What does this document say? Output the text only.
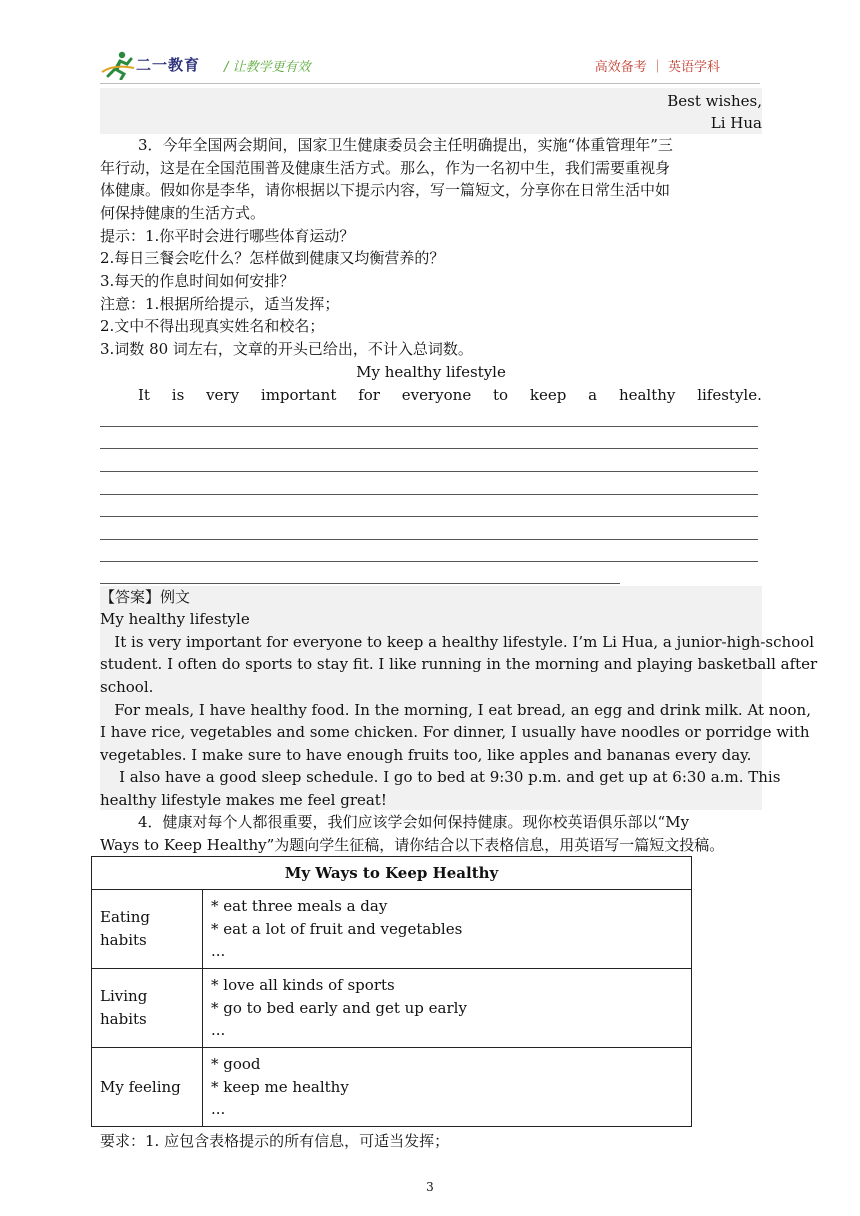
二一教育 / 让教学更有效	高效备考 ｜ 英语学科
Best wishes,
Li Hua
3．今年全国两会期间，国家卫生健康委员会主任明确提出，实施“体重管理年”三
年行动，这是在全国范围普及健康生活方式。那么，作为一名初中生，我们需要重视身
体健康。假如你是李华，请你根据以下提示内容，写一篇短文，分享你在日常生活中如
何保持健康的生活方式。
提示：1.你平时会进行哪些体育运动？
2.每日三餐会吃什么？怎样做到健康又均衡营养的？
3.每天的作息时间如何安排？
注意：1.根据所给提示，适当发挥；
2.文中不得出现真实姓名和校名；
3.词数 80 词左右，文章的开头已给出，不计入总词数。
My healthy lifestyle
It is very important for everyone to keep a healthy lifestyle.
【答案】例文
My healthy lifestyle
It is very important for everyone to keep a healthy lifestyle. I’m Li Hua, a junior-high-school
student. I often do sports to stay fit. I like running in the morning and playing basketball after
school.
For meals, I have healthy food. In the morning, I eat bread, an egg and drink milk. At noon,
I have rice, vegetables and some chicken. For dinner, I usually have noodles or porridge with
vegetables. I make sure to have enough fruits too, like apples and bananas every day.
I also have a good sleep schedule. I go to bed at 9:30 p.m. and get up at 6:30 a.m. This
healthy lifestyle makes me feel great!
4．健康对每个人都很重要，我们应该学会如何保持健康。现你校英语俱乐部以“My
Ways to Keep Healthy”为题向学生征稿，请你结合以下表格信息，用英语写一篇短文投稿。
My Ways to Keep Healthy	
Eating habits	* eat three meals a day
* eat a lot of fruit and vegetables
...

Living habits	* love all kinds of sports
* go to bed early and get up early
...

My feeling	* good
* keep me healthy
...
要求：1. 应包含表格提示的所有信息，可适当发挥；
3
